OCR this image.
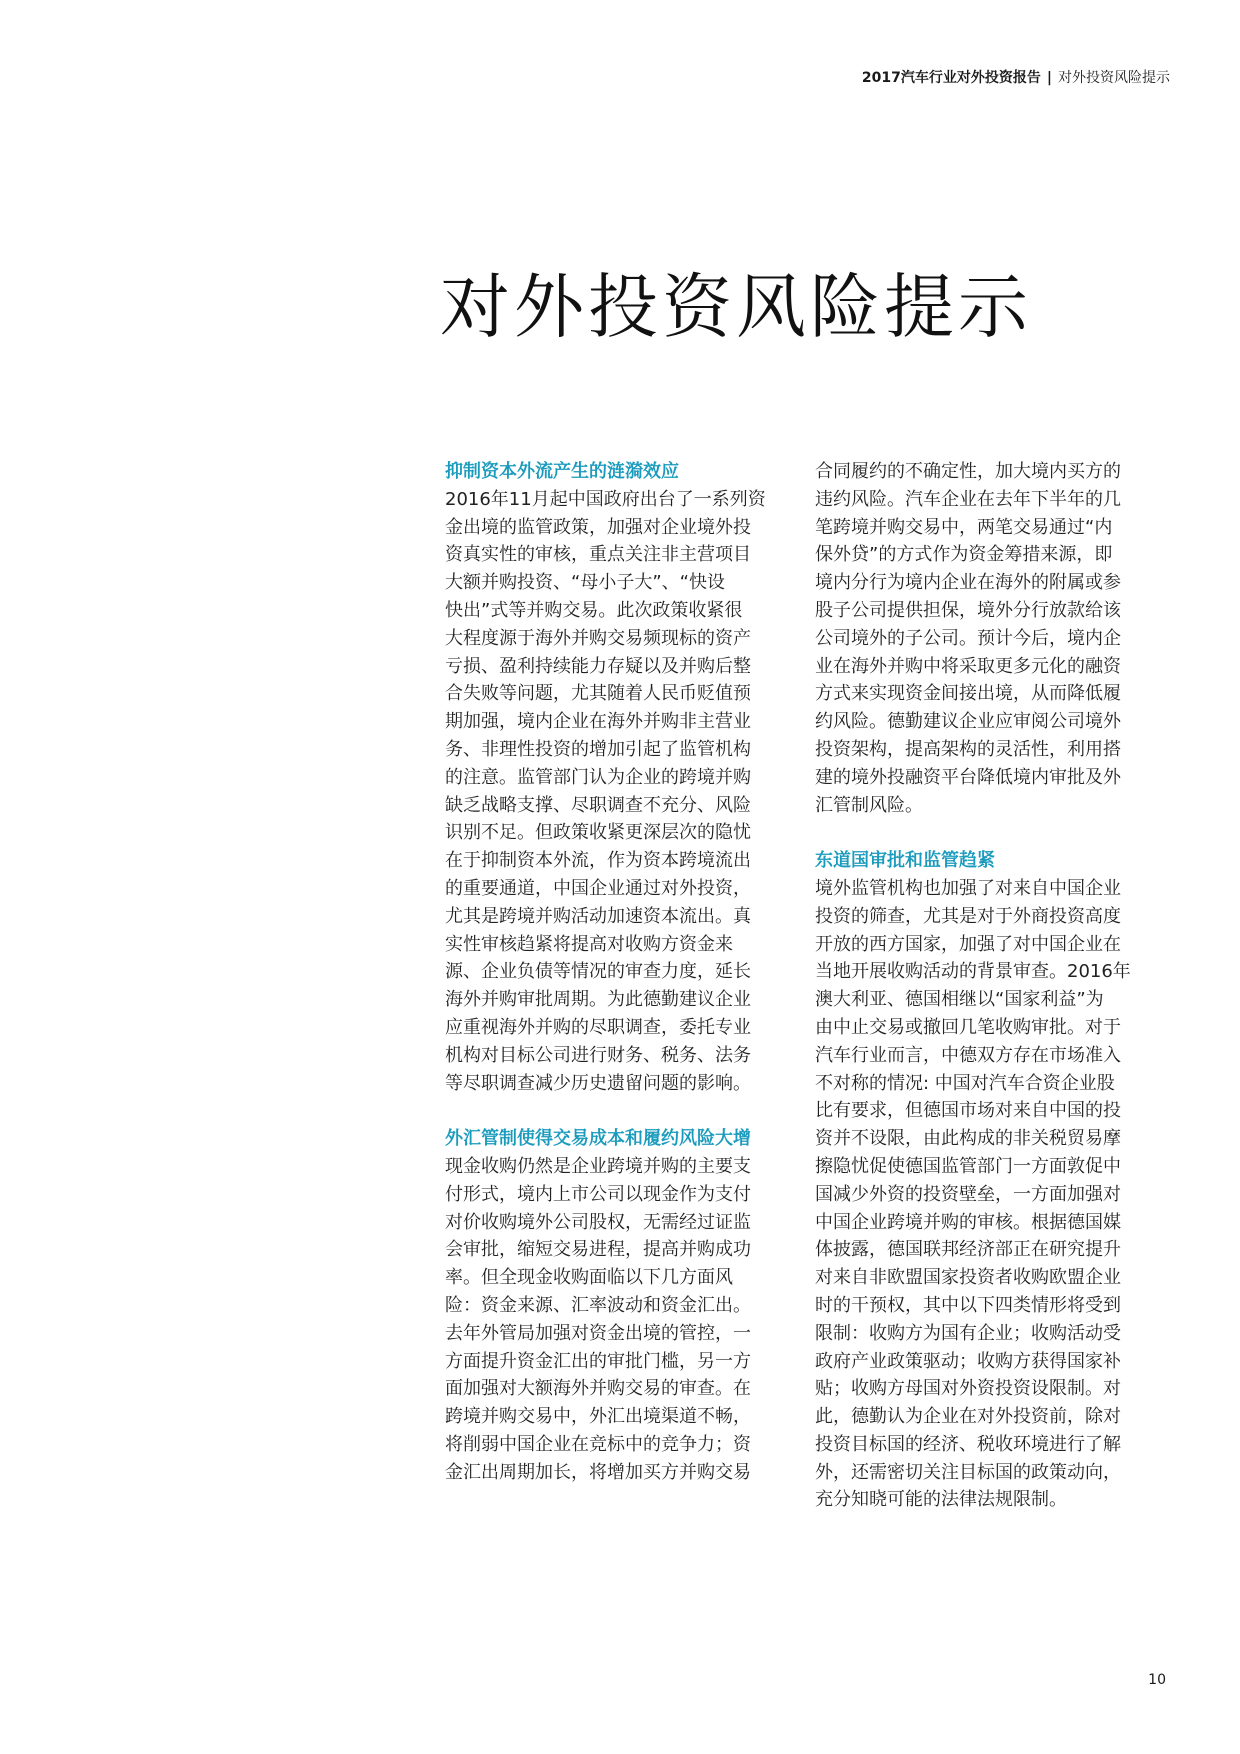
2017汽车行业对外投资报告 | 对外投资风险提示
对外投资风险提示
抑制资本外流产生的涟漪效应
2016年11月起中国政府出台了一系列资
金出境的监管政策，加强对企业境外投
资真实性的审核，重点关注非主营项目
大额并购投资、“母小子大”、“快设
快出”式等并购交易。此次政策收紧很
大程度源于海外并购交易频现标的资产
亏损、盈利持续能力存疑以及并购后整
合失败等问题，尤其随着人民币贬值预
期加强，境内企业在海外并购非主营业
务、非理性投资的增加引起了监管机构
的注意。监管部门认为企业的跨境并购
缺乏战略支撑、尽职调查不充分、风险
识别不足。但政策收紧更深层次的隐忧
在于抑制资本外流，作为资本跨境流出
的重要通道，中国企业通过对外投资，
尤其是跨境并购活动加速资本流出。真
实性审核趋紧将提高对收购方资金来
源、企业负债等情况的审查力度，延长
海外并购审批周期。为此德勤建议企业
应重视海外并购的尽职调查，委托专业
机构对目标公司进行财务、税务、法务
等尽职调查减少历史遗留问题的影响。
外汇管制使得交易成本和履约风险大增
现金收购仍然是企业跨境并购的主要支
付形式，境内上市公司以现金作为支付
对价收购境外公司股权，无需经过证监
会审批，缩短交易进程，提高并购成功
率。但全现金收购面临以下几方面风
险：资金来源、汇率波动和资金汇出。
去年外管局加强对资金出境的管控，一
方面提升资金汇出的审批门槛，另一方
面加强对大额海外并购交易的审查。在
跨境并购交易中，外汇出境渠道不畅，
将削弱中国企业在竞标中的竞争力；资
金汇出周期加长，将增加买方并购交易
合同履约的不确定性，加大境内买方的
违约风险。汽车企业在去年下半年的几
笔跨境并购交易中，两笔交易通过“内
保外贷”的方式作为资金筹措来源，即
境内分行为境内企业在海外的附属或参
股子公司提供担保，境外分行放款给该
公司境外的子公司。预计今后，境内企
业在海外并购中将采取更多元化的融资
方式来实现资金间接出境，从而降低履
约风险。德勤建议企业应审阅公司境外
投资架构，提高架构的灵活性，利用搭
建的境外投融资平台降低境内审批及外
汇管制风险。
东道国审批和监管趋紧
境外监管机构也加强了对来自中国企业
投资的筛查，尤其是对于外商投资高度
开放的西方国家，加强了对中国企业在
当地开展收购活动的背景审查。2016年
澳大利亚、德国相继以“国家利益”为
由中止交易或撤回几笔收购审批。对于
汽车行业而言，中德双方存在市场准入
不对称的情况: 中国对汽车合资企业股
比有要求，但德国市场对来自中国的投
资并不设限，由此构成的非关税贸易摩
擦隐忧促使德国监管部门一方面敦促中
国减少外资的投资壁垒，一方面加强对
中国企业跨境并购的审核。根据德国媒
体披露，德国联邦经济部正在研究提升
对来自非欧盟国家投资者收购欧盟企业
时的干预权，其中以下四类情形将受到
限制：收购方为国有企业；收购活动受
政府产业政策驱动；收购方获得国家补
贴；收购方母国对外资投资设限制。对
此，德勤认为企业在对外投资前，除对
投资目标国的经济、税收环境进行了解
外，还需密切关注目标国的政策动向，
充分知晓可能的法律法规限制。
10
